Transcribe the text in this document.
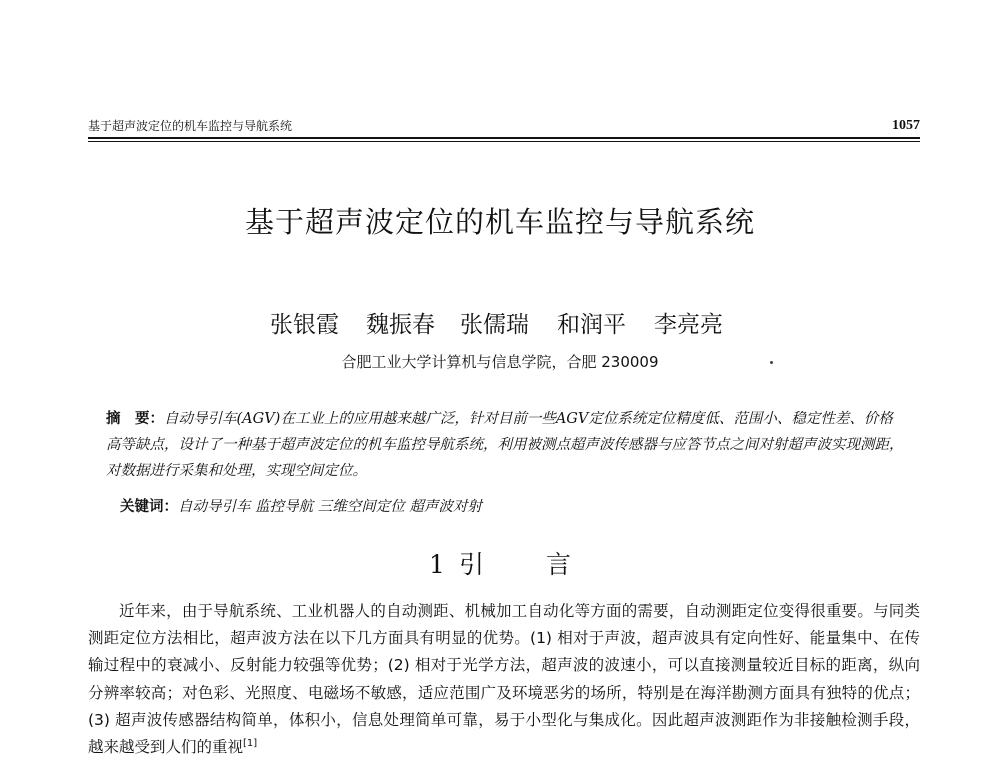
基于超声波定位的机车监控与导航系统	1057
基于超声波定位的机车监控与导航系统
张银霞 魏振春 张儒瑞 和润平 李亮亮
合肥工业大学计算机与信息学院，合肥 230009
摘　要：自动导引车(AGV)在工业上的应用越来越广泛，针对目前一些AGV定位系统定位精度低、范围小、稳定性差、价格高等缺点，设计了一种基于超声波定位的机车监控导航系统，利用被测点超声波传感器与应答节点之间对射超声波实现测距，对数据进行采集和处理，实现空间定位。
关键词：自动导引车 监控导航 三维空间定位 超声波对射
1 引 言
近年来，由于导航系统、工业机器人的自动测距、机械加工自动化等方面的需要，自动测距定位变得很重要。与同类测距定位方法相比，超声波方法在以下几方面具有明显的优势。(1) 相对于声波，超声波具有定向性好、能量集中、在传输过程中的衰减小、反射能力较强等优势；(2) 相对于光学方法，超声波的波速小，可以直接测量较近目标的距离，纵向分辨率较高；对色彩、光照度、电磁场不敏感，适应范围广及环境恶劣的场所，特别是在海洋勘测方面具有独特的优点；(3) 超声波传感器结构简单，体积小，信息处理简单可靠，易于小型化与集成化。因此超声波测距作为非接触检测手段，越来越受到人们的重视[1]
